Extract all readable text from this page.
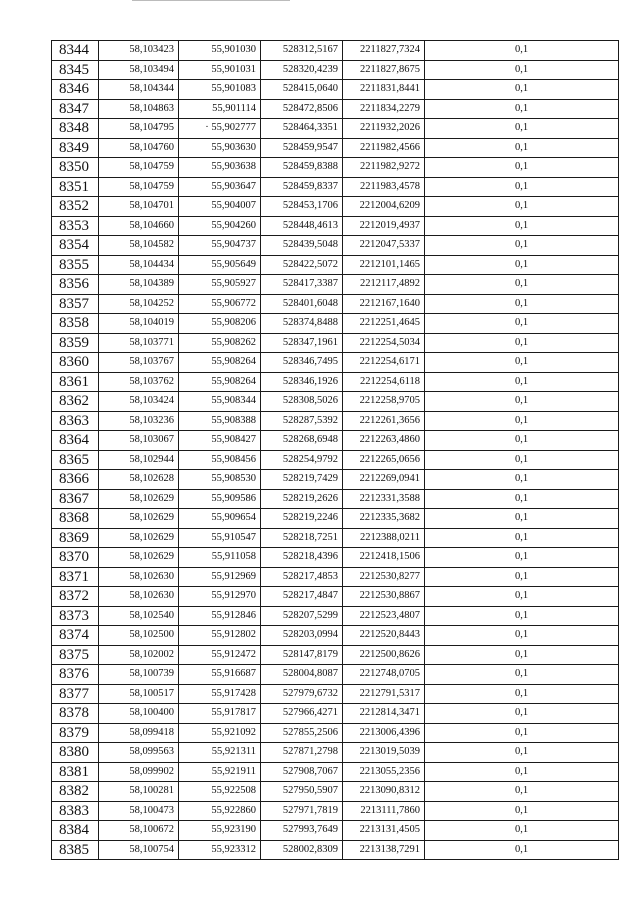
8344	58,103423	55,901030	528312,5167	2211827,7324	0,1
8345	58,103494	55,901031	528320,4239	2211827,8675	0,1
8346	58,104344	55,901083	528415,0640	2211831,8441	0,1
8347	58,104863	55,901114	528472,8506	2211834,2279	0,1
8348	58,104795	· 55,902777	528464,3351	2211932,2026	0,1
8349	58,104760	55,903630	528459,9547	2211982,4566	0,1
8350	58,104759	55,903638	528459,8388	2211982,9272	0,1
8351	58,104759	55,903647	528459,8337	2211983,4578	0,1
8352	58,104701	55,904007	528453,1706	2212004,6209	0,1
8353	58,104660	55,904260	528448,4613	2212019,4937	0,1
8354	58,104582	55,904737	528439,5048	2212047,5337	0,1
8355	58,104434	55,905649	528422,5072	2212101,1465	0,1
8356	58,104389	55,905927	528417,3387	2212117,4892	0,1
8357	58,104252	55,906772	528401,6048	2212167,1640	0,1
8358	58,104019	55,908206	528374,8488	2212251,4645	0,1
8359	58,103771	55,908262	528347,1961	2212254,5034	0,1
8360	58,103767	55,908264	528346,7495	2212254,6171	0,1
8361	58,103762	55,908264	528346,1926	2212254,6118	0,1
8362	58,103424	55,908344	528308,5026	2212258,9705	0,1
8363	58,103236	55,908388	528287,5392	2212261,3656	0,1
8364	58,103067	55,908427	528268,6948	2212263,4860	0,1
8365	58,102944	55,908456	528254,9792	2212265,0656	0,1
8366	58,102628	55,908530	528219,7429	2212269,0941	0,1
8367	58,102629	55,909586	528219,2626	2212331,3588	0,1
8368	58,102629	55,909654	528219,2246	2212335,3682	0,1
8369	58,102629	55,910547	528218,7251	2212388,0211	0,1
8370	58,102629	55,911058	528218,4396	2212418,1506	0,1
8371	58,102630	55,912969	528217,4853	2212530,8277	0,1
8372	58,102630	55,912970	528217,4847	2212530,8867	0,1
8373	58,102540	55,912846	528207,5299	2212523,4807	0,1
8374	58,102500	55,912802	528203,0994	2212520,8443	0,1
8375	58,102002	55,912472	528147,8179	2212500,8626	0,1
8376	58,100739	55,916687	528004,8087	2212748,0705	0,1
8377	58,100517	55,917428	527979,6732	2212791,5317	0,1
8378	58,100400	55,917817	527966,4271	2212814,3471	0,1
8379	58,099418	55,921092	527855,2506	2213006,4396	0,1
8380	58,099563	55,921311	527871,2798	2213019,5039	0,1
8381	58,099902	55,921911	527908,7067	2213055,2356	0,1
8382	58,100281	55,922508	527950,5907	2213090,8312	0,1
8383	58,100473	55,922860	527971,7819	2213111,7860	0,1
8384	58,100672	55,923190	527993,7649	2213131,4505	0,1
8385	58,100754	55,923312	528002,8309	2213138,7291	0,1
